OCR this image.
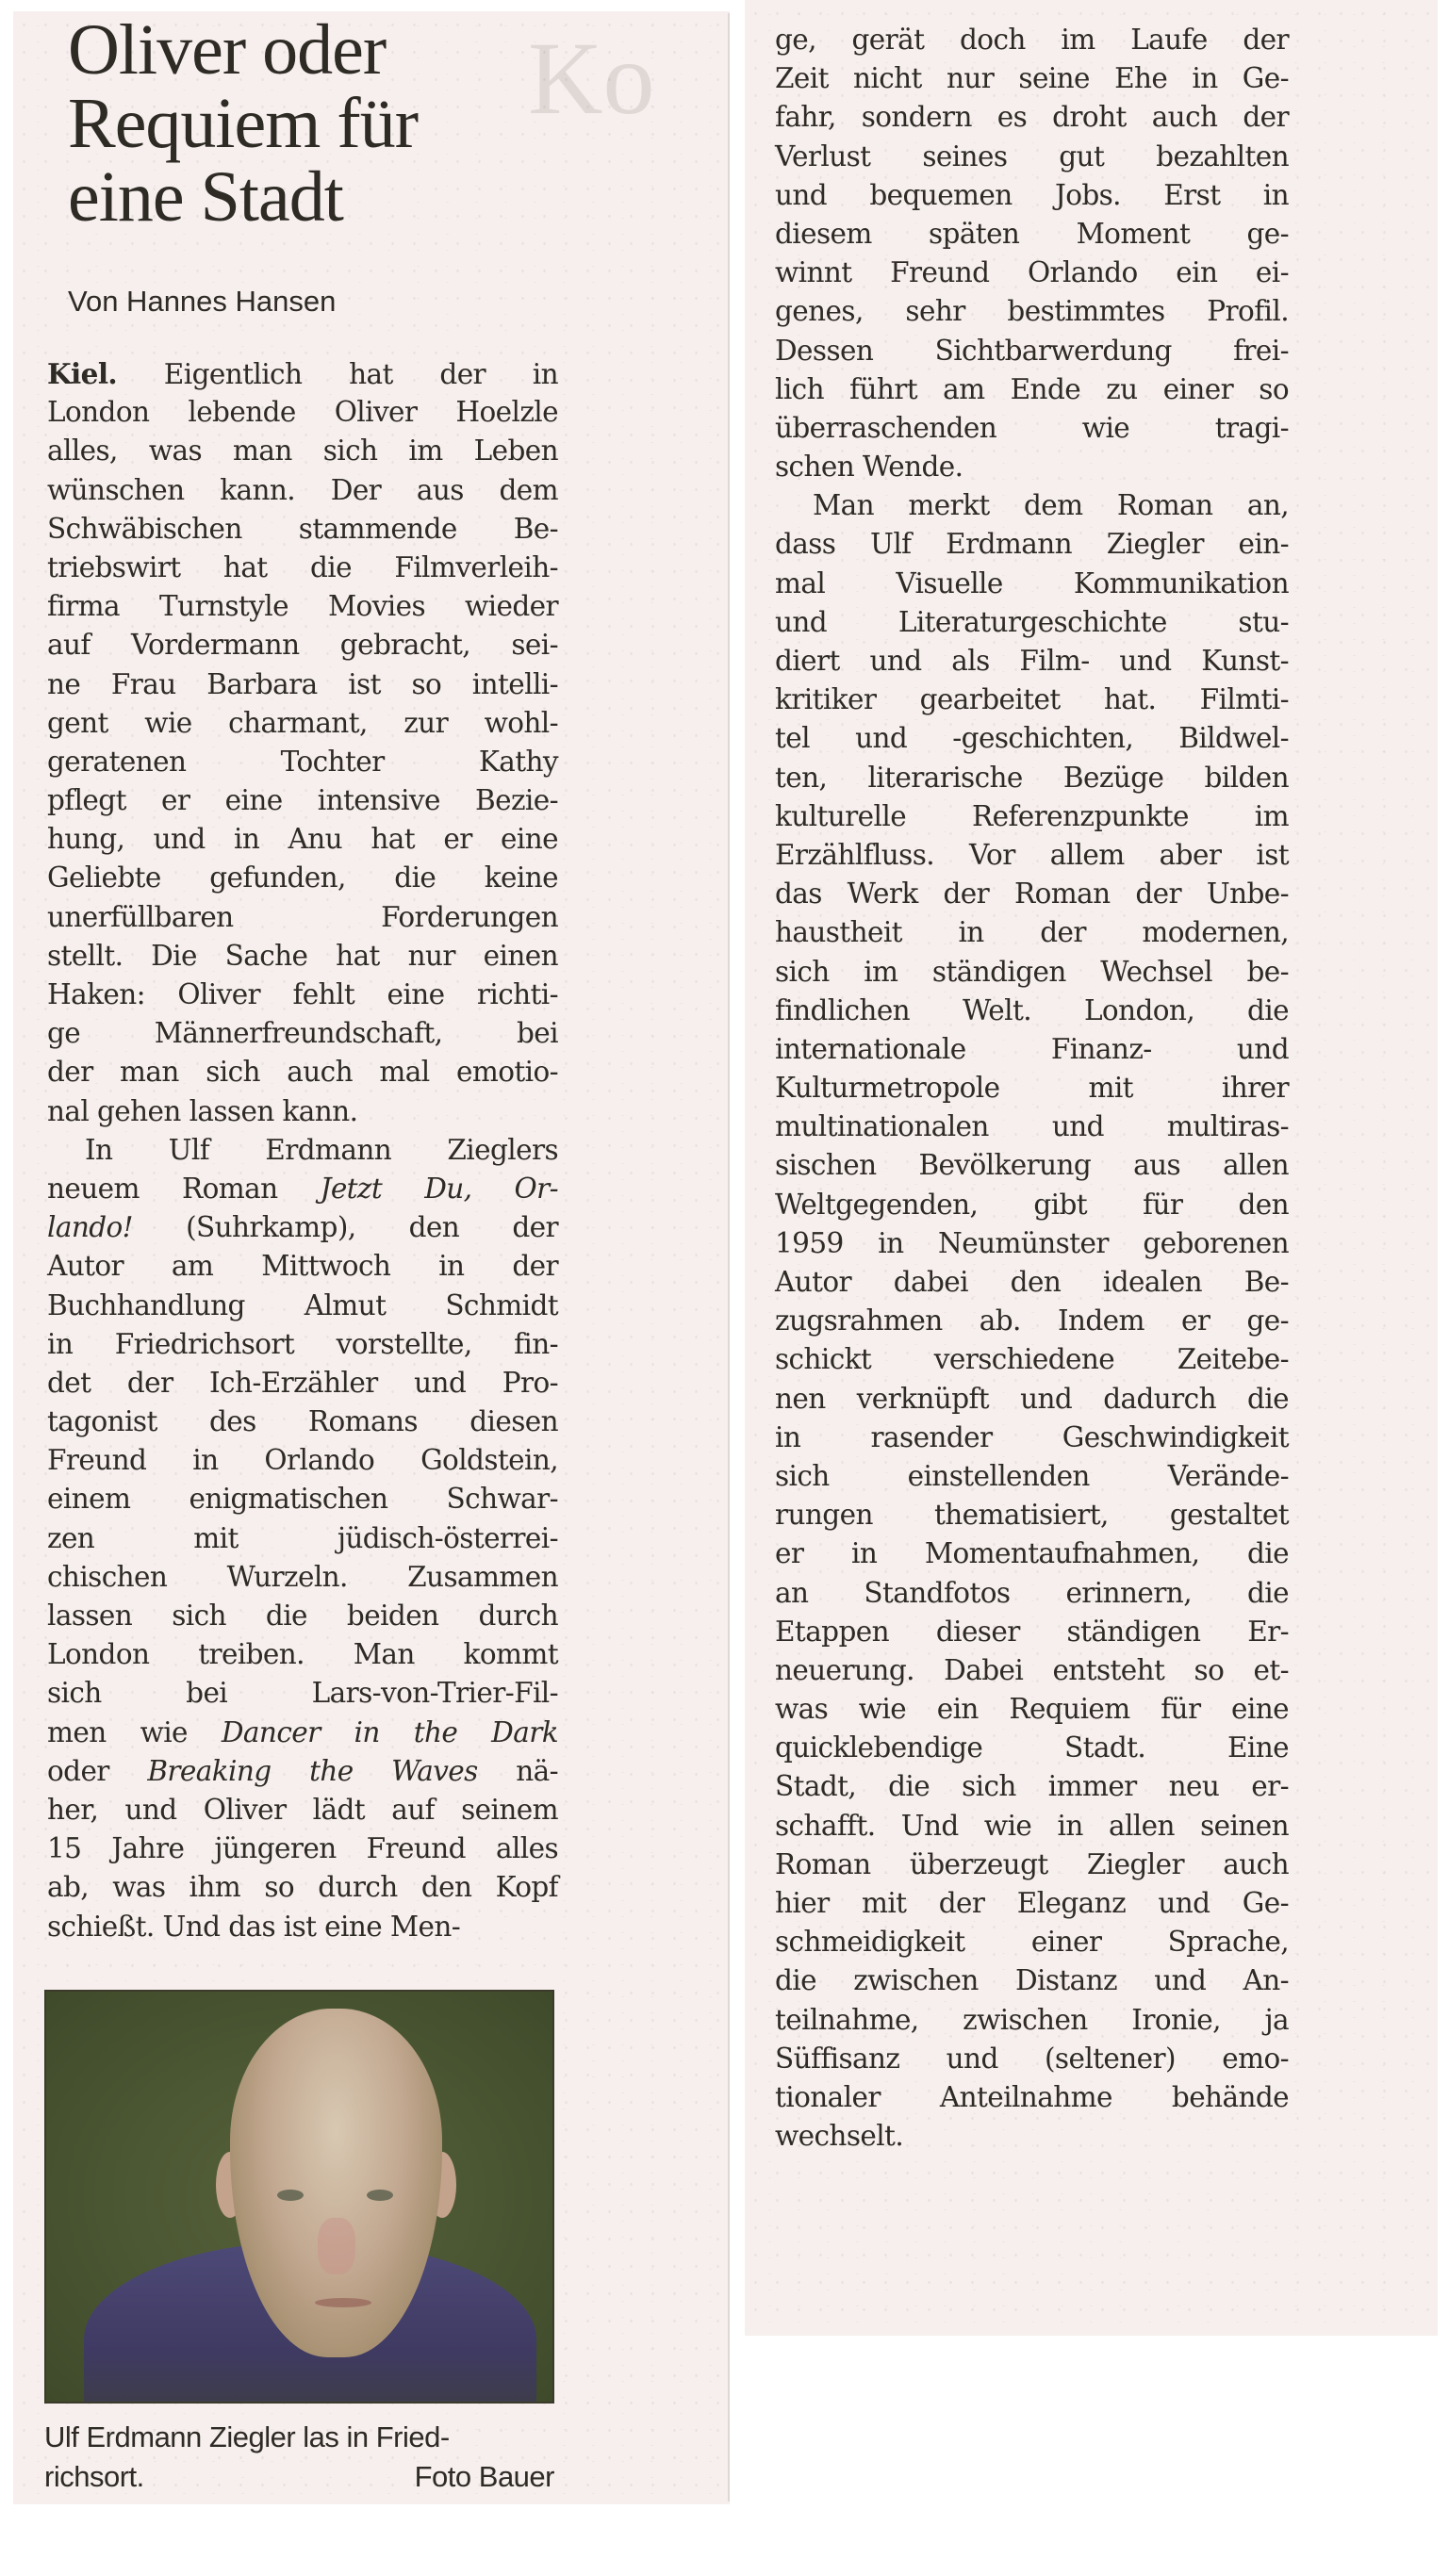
Ko
Oliver oder
Requiem für
eine Stadt

Von Hannes Hansen

Kiel. Eigentlich hat der in
London lebende Oliver Hoelzle
alles, was man sich im Leben
wünschen kann. Der aus dem
Schwäbischen stammende Be-
triebswirt hat die Filmverleih-
firma Turnstyle Movies wieder
auf Vordermann gebracht, sei-
ne Frau Barbara ist so intelli-
gent wie charmant, zur wohl-
geratenen Tochter Kathy
pflegt er eine intensive Bezie-
hung, und in Anu hat er eine
Geliebte gefunden, die keine
unerfüllbaren Forderungen
stellt. Die Sache hat nur einen
Haken: Oliver fehlt eine richti-
ge Männerfreundschaft, bei
der man sich auch mal emotio-
nal gehen lassen kann.
In Ulf Erdmann Zieglers
neuem Roman Jetzt Du, Or-
lando! (Suhrkamp), den der
Autor am Mittwoch in der
Buchhandlung Almut Schmidt
in Friedrichsort vorstellte, fin-
det der Ich-Erzähler und Pro-
tagonist des Romans diesen
Freund in Orlando Goldstein,
einem enigmatischen Schwar-
zen mit jüdisch-österrei-
chischen Wurzeln. Zusammen
lassen sich die beiden durch
London treiben. Man kommt
sich bei Lars-von-Trier-Fil-
men wie Dancer in the Dark
oder Breaking the Waves nä-
her, und Oliver lädt auf seinem
15 Jahre jüngeren Freund alles
ab, was ihm so durch den Kopf
schießt. Und das ist eine Men-
ge, gerät doch im Laufe der
Zeit nicht nur seine Ehe in Ge-
fahr, sondern es droht auch der
Verlust seines gut bezahlten
und bequemen Jobs. Erst in
diesem späten Moment ge-
winnt Freund Orlando ein ei-
genes, sehr bestimmtes Profil.
Dessen Sichtbarwerdung frei-
lich führt am Ende zu einer so
überraschenden wie tragi-
schen Wende.
Man merkt dem Roman an,
dass Ulf Erdmann Ziegler ein-
mal Visuelle Kommunikation
und Literaturgeschichte stu-
diert und als Film- und Kunst-
kritiker gearbeitet hat. Filmti-
tel und -geschichten, Bildwel-
ten, literarische Bezüge bilden
kulturelle Referenzpunkte im
Erzählfluss. Vor allem aber ist
das Werk der Roman der Unbe-
haustheit in der modernen,
sich im ständigen Wechsel be-
findlichen Welt. London, die
internationale Finanz- und
Kulturmetropole mit ihrer
multinationalen und multiras-
sischen Bevölkerung aus allen
Weltgegenden, gibt für den
1959 in Neumünster geborenen
Autor dabei den idealen Be-
zugsrahmen ab. Indem er ge-
schickt verschiedene Zeitebe-
nen verknüpft und dadurch die
in rasender Geschwindigkeit
sich einstellenden Verände-
rungen thematisiert, gestaltet
er in Momentaufnahmen, die
an Standfotos erinnern, die
Etappen dieser ständigen Er-
neuerung. Dabei entsteht so et-
was wie ein Requiem für eine
quicklebendige Stadt. Eine
Stadt, die sich immer neu er-
schafft. Und wie in allen seinen
Roman überzeugt Ziegler auch
hier mit der Eleganz und Ge-
schmeidigkeit einer Sprache,
die zwischen Distanz und An-
teilnahme, zwischen Ironie, ja
Süffisanz und (seltener) emo-
tionaler Anteilnahme behände
wechselt.
Ulf Erdmann Ziegler las in Fried-
richsort.	Foto Bauer
